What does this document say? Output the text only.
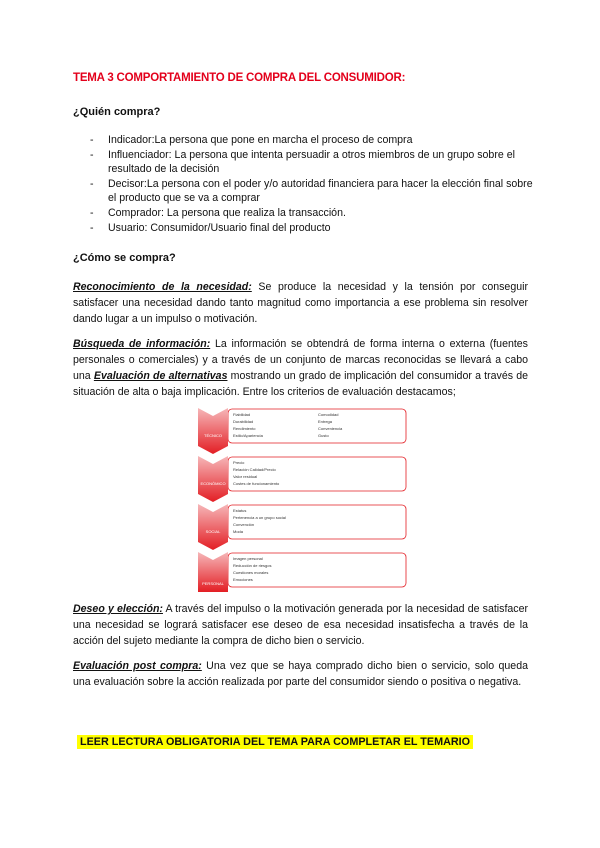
TEMA 3 COMPORTAMIENTO DE COMPRA DEL CONSUMIDOR:
¿Quién compra?
- Indicador:La persona que pone en marcha el proceso de compra
- Influenciador: La persona que intenta persuadir a otros miembros de un grupo sobre el resultado de la decisión
- Decisor:La persona con el poder y/o autoridad financiera para hacer la elección final sobre el producto que se va a comprar
- Comprador: La persona que realiza la transacción.
- Usuario: Consumidor/Usuario final del producto
¿Cómo se compra?
Reconocimiento de la necesidad: Se produce la necesidad y la tensión por conseguir satisfacer una necesidad dando tanto magnitud como importancia a ese problema sin resolver dando lugar a un impulso o motivación.
Búsqueda de información: La información se obtendrá de forma interna o externa (fuentes personales o comerciales) y a través de un conjunto de marcas reconocidas se llevará a cabo una Evaluación de alternativas mostrando un grado de implicación del consumidor a través de situación de alta o baja implicación. Entre los criterios de evaluación destacamos;
TÉCNICO
Fiabilidad
Durabilidad
Rendimiento
Estilo/Apariencia
Comodidad
Entrega
Conveniencia
Gusto
ECONÓMICO
Precio
Relación Calidad/Precio
Valor residual
Costes de funcionamiento
SOCIAL
Estatus
Pertenencia a un grupo social
Convención
Moda
PERSONAL
Imagen personal
Reducción de riesgos
Cuestiones morales
Emociones
Deseo y elección: A través del impulso o la motivación generada por la necesidad de satisfacer una necesidad se logrará satisfacer ese deseo de esa necesidad insatisfecha a través de la acción del sujeto mediante la compra de dicho bien o servicio.
Evaluación post compra: Una vez que se haya comprado dicho bien o servicio, solo queda una evaluación sobre la acción realizada por parte del consumidor siendo o positiva o negativa.
LEER LECTURA OBLIGATORIA DEL TEMA PARA COMPLETAR EL TEMARIO
